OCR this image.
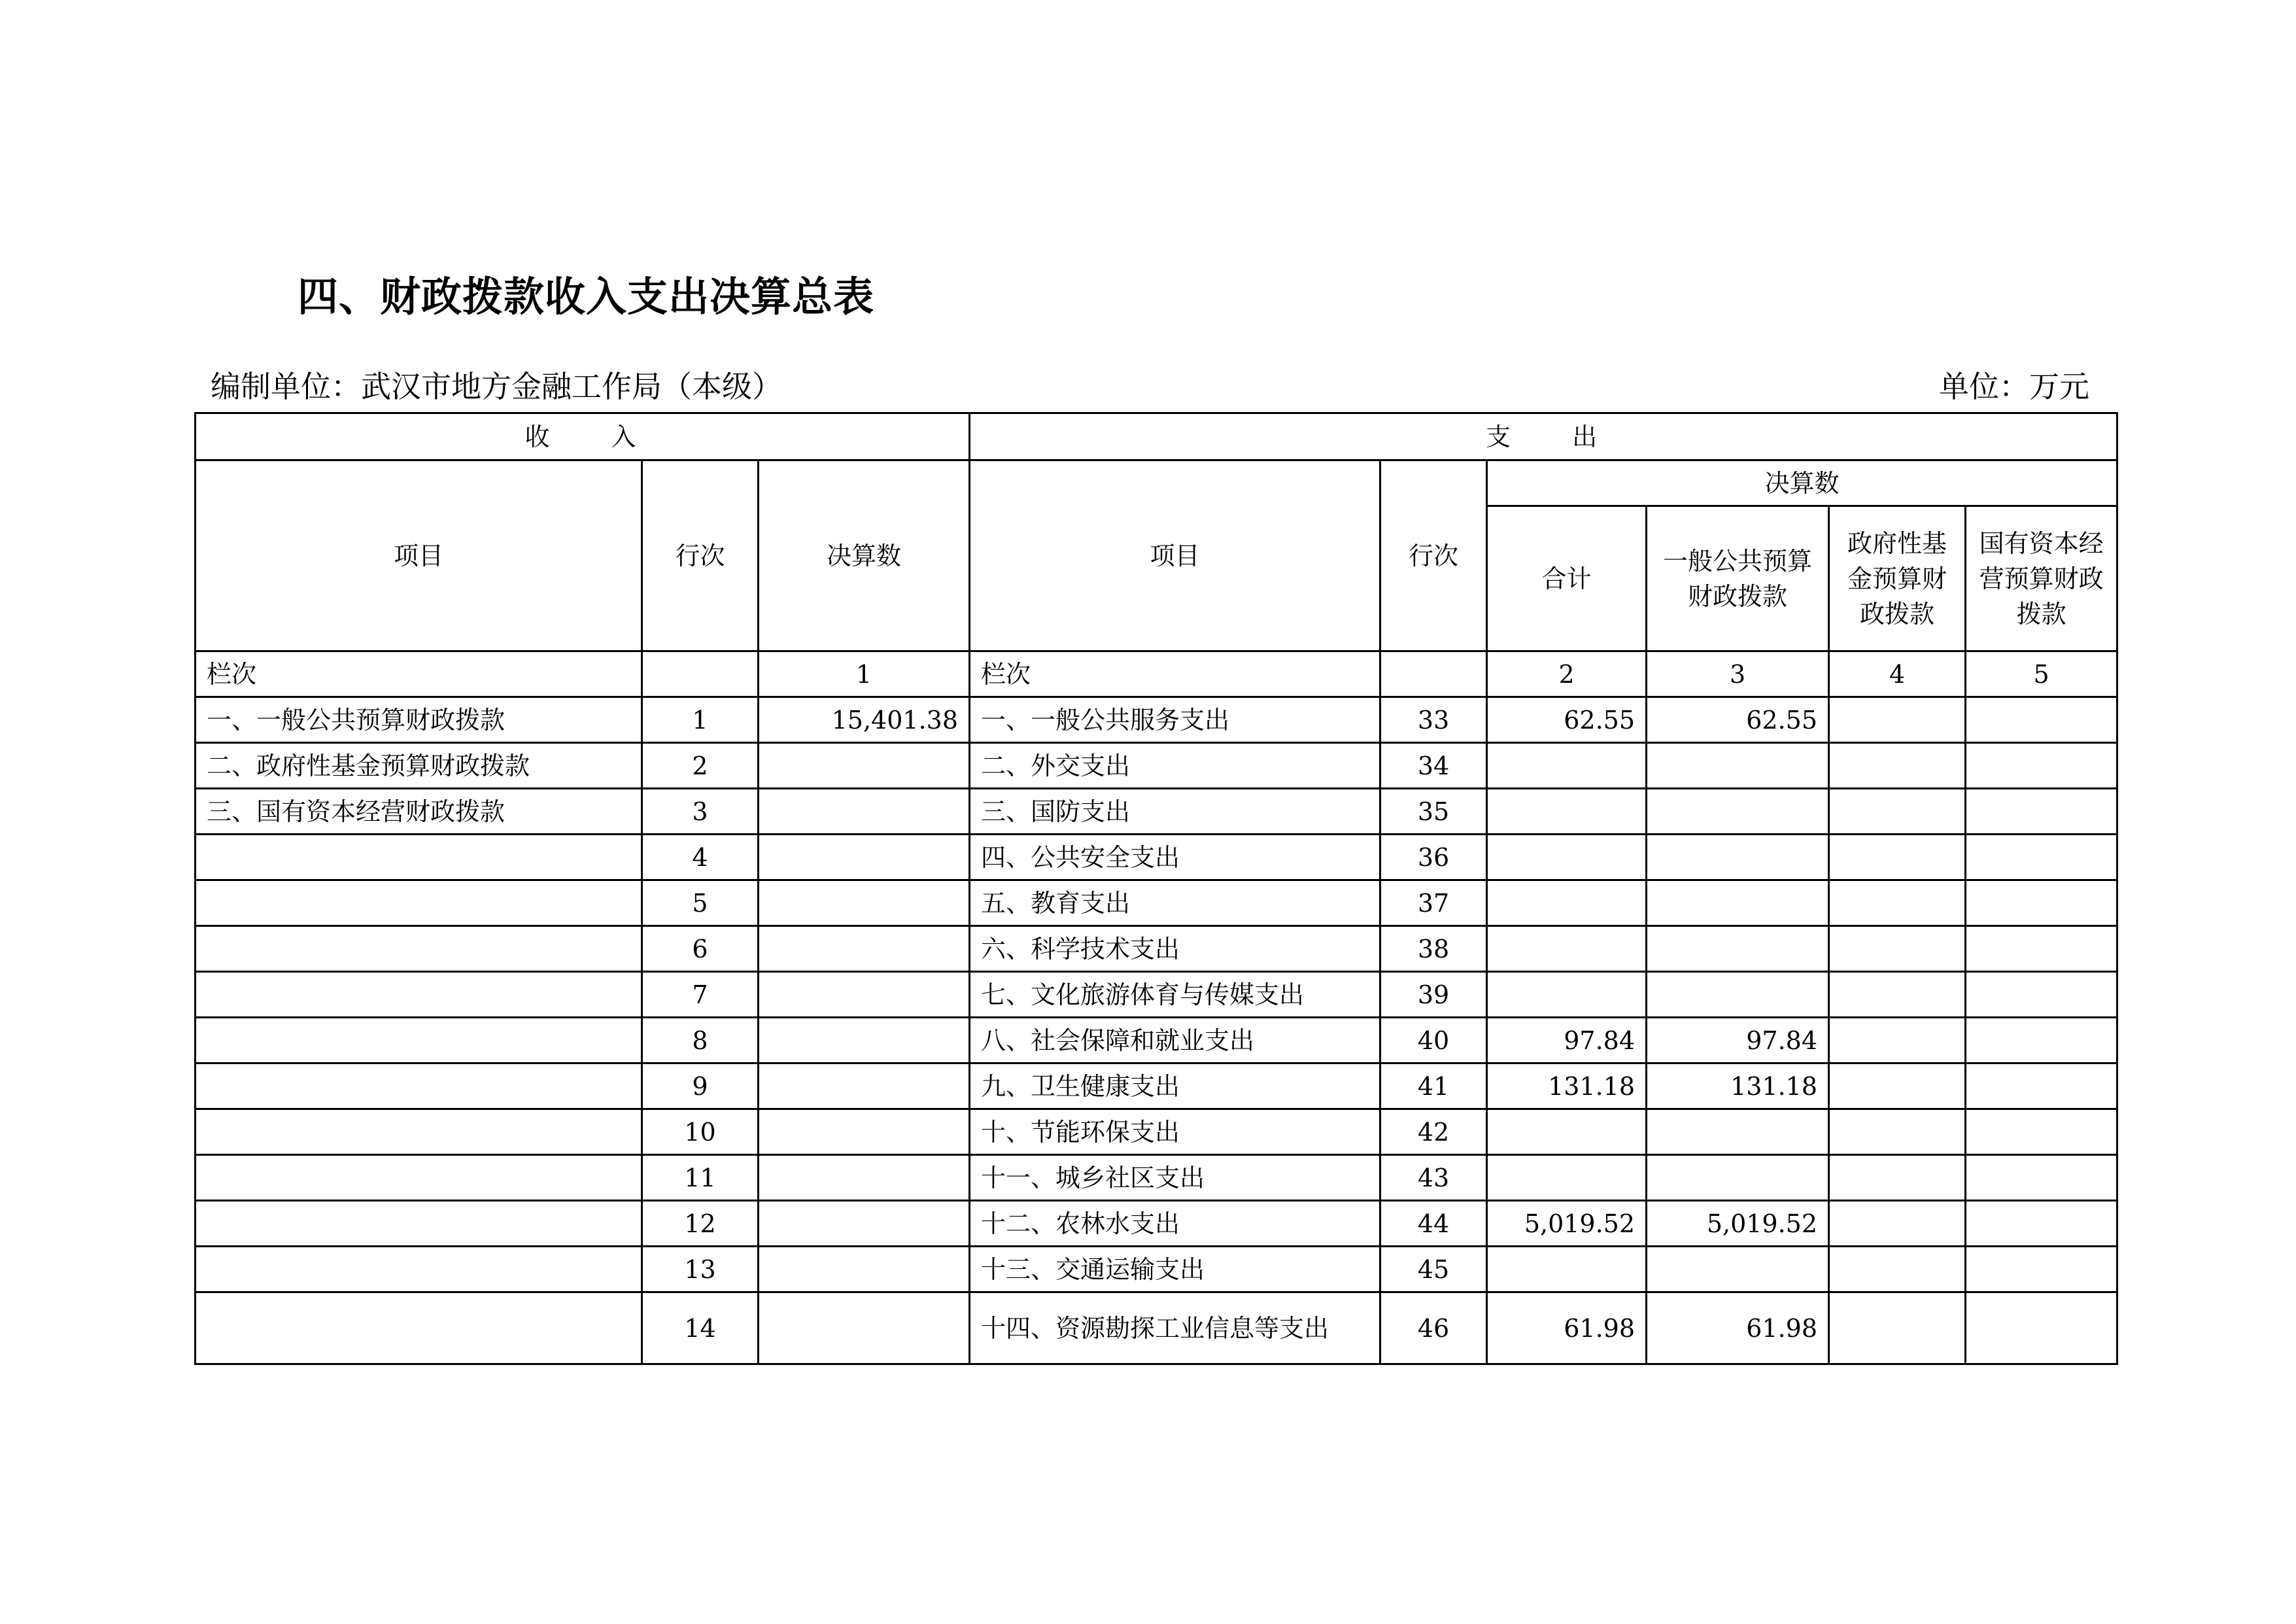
四、财政拨款收入支出决算总表
编制单位：武汉市地方金融工作局（本级）	单位：万元
收　　入			支　　出					
项目	行次	决算数	项目	行次	决算数			
					合计	一般公共预算财政拨款	政府性基金预算财政拨款	国有资本经营预算财政拨款
栏次		1	栏次		2	3	4	5
一、一般公共预算财政拨款	1	15,401.38	一、一般公共服务支出	33	62.55	62.55		
二、政府性基金预算财政拨款	2		二、外交支出	34				
三、国有资本经营财政拨款	3		三、国防支出	35				
	4		四、公共安全支出	36				
	5		五、教育支出	37				
	6		六、科学技术支出	38				
	7		七、文化旅游体育与传媒支出	39				
	8		八、社会保障和就业支出	40	97.84	97.84		
	9		九、卫生健康支出	41	131.18	131.18		
	10		十、节能环保支出	42				
	11		十一、城乡社区支出	43				
	12		十二、农林水支出	44	5,019.52	5,019.52		
	13		十三、交通运输支出	45				
	14		十四、资源勘探工业信息等支出	46	61.98	61.98		
